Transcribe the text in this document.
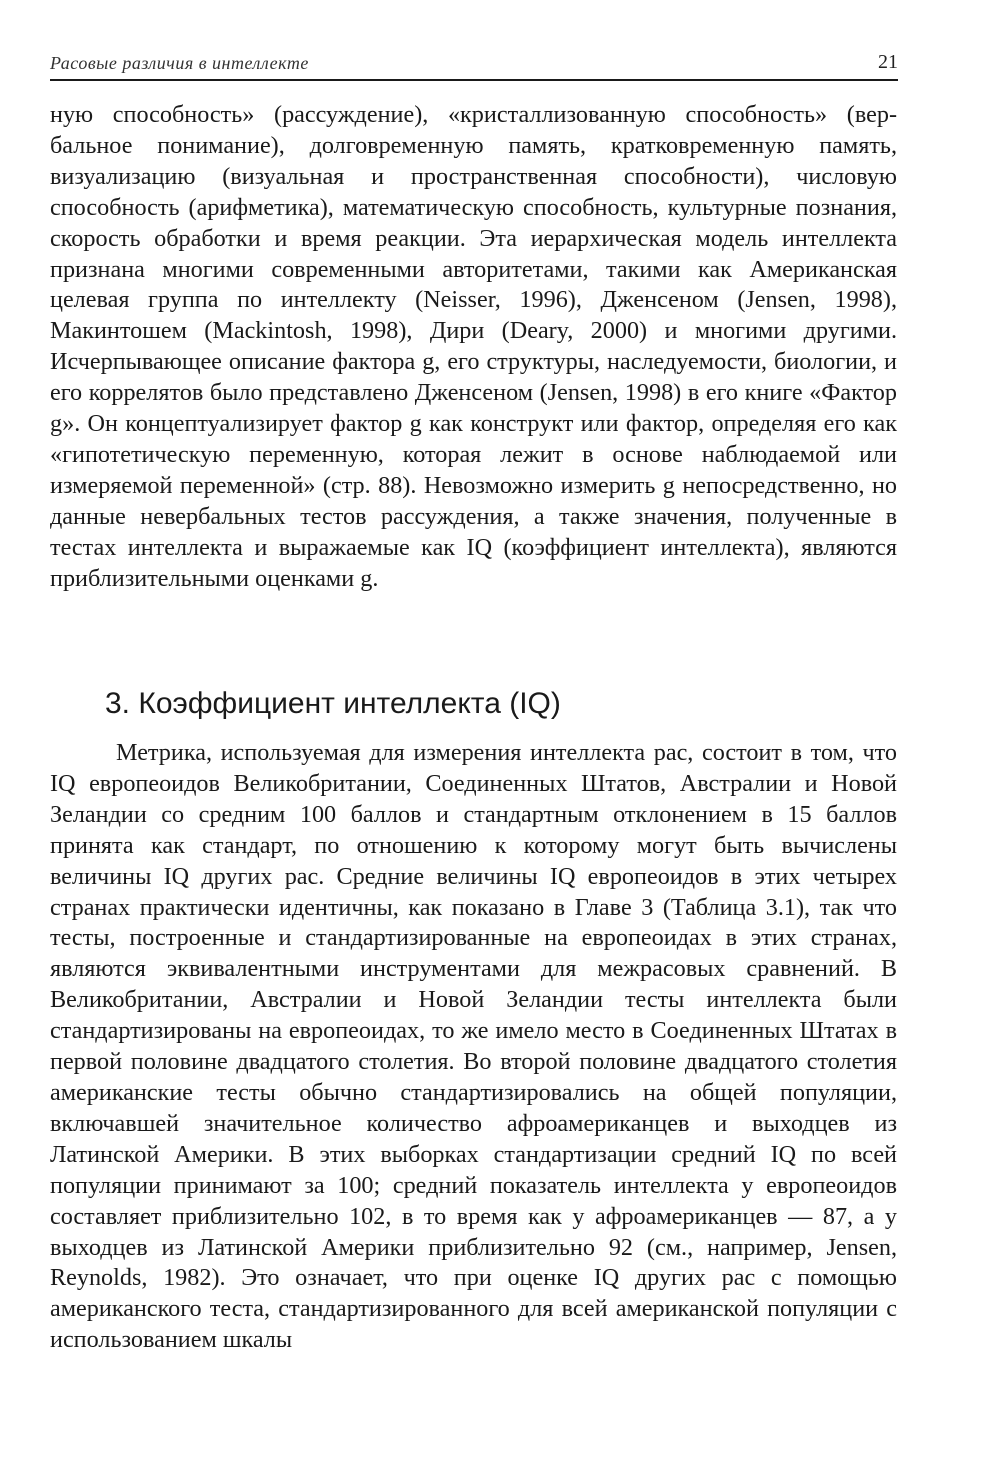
Расовые различия в интеллекте	21

ную способность» (рассуждение), «кристаллизованную способность» (вербальное понимание), долговременную память, кратковременную память, визуализацию (визуальная и пространственная способности), числовую способность (арифметика), математическую способность, культурные познания, скорость обработки и время реакции. Эта иерархическая модель интеллекта признана многими современными авторитетами, такими как Американская целевая группа по интеллекту (Neisser, 1996), Дженсеном (Jensen, 1998), Макинтошем (Mackintosh, 1998), Дири (Deary, 2000) и многими другими. Исчерпывающее описание фактора g, его структуры, наследуемости, биологии, и его коррелятов было представлено Дженсеном (Jensen, 1998) в его книге «Фактор g». Он концептуализирует фактор g как конструкт или фактор, определяя его как «гипотетическую переменную, которая лежит в основе наблюдаемой или измеряемой переменной» (стр. 88). Невозможно измерить g непосредственно, но данные невербальных тестов рассуждения, а также значения, полученные в тестах интеллекта и выражаемые как IQ (коэффициент интеллекта), являются приблизительными оценками g.

3. Коэффициент интеллекта (IQ)

Метрика, используемая для измерения интеллекта рас, состоит в том, что IQ европеоидов Великобритании, Соединенных Штатов, Австралии и Новой Зеландии со средним 100 баллов и стандартным отклонением в 15 баллов принята как стандарт, по отношению к которому могут быть вычислены величины IQ других рас. Средние величины IQ европеоидов в этих четырех странах практически идентичны, как показано в Главе 3 (Таблица 3.1), так что тесты, построенные и стандартизированные на европеоидах в этих странах, являются эквивалентными инструментами для межрасовых сравнений. В Великобритании, Австралии и Новой Зеландии тесты интеллекта были стандартизированы на европеоидах, то же имело место в Соединенных Штатах в первой половине двадцатого столетия. Во второй половине двадцатого столетия американские тесты обычно стандартизировались на общей популяции, включавшей значительное количество афроамериканцев и выходцев из Латинской Америки. В этих выборках стандартизации средний IQ по всей популяции принимают за 100; средний показатель интеллекта у европеоидов составляет приблизительно 102, в то время как у афроамериканцев — 87, а у выходцев из Латинской Америки приблизительно 92 (см., например, Jensen, Reynolds, 1982). Это означает, что при оценке IQ других рас с помощью американского теста, стандартизированного для всей американской популяции с использованием шкалы
